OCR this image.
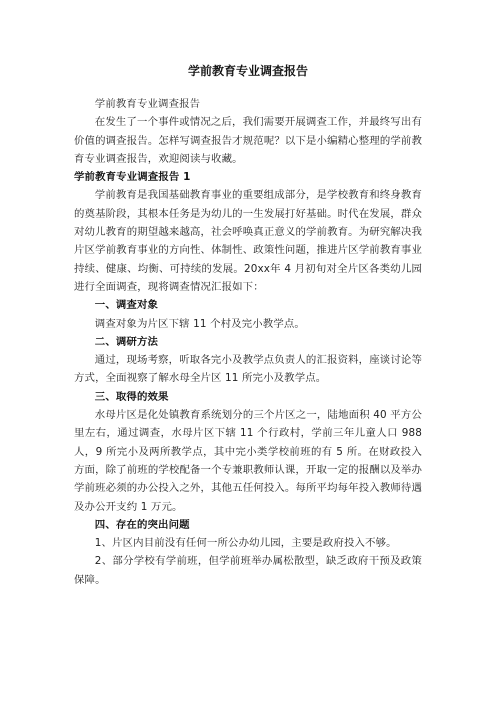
学前教育专业调查报告

学前教育专业调查报告

在发生了一个事件或情况之后，我们需要开展调查工作，并最终写出有价值的调查报告。怎样写调查报告才规范呢？以下是小编精心整理的学前教育专业调查报告，欢迎阅读与收藏。

学前教育专业调查报告 1

学前教育是我国基础教育事业的重要组成部分，是学校教育和终身教育的奠基阶段，其根本任务是为幼儿的一生发展打好基础。时代在发展，群众对幼儿教育的期望越来越高，社会呼唤真正意义的学前教育。为研究解决我片区学前教育事业的方向性、体制性、政策性问题，推进片区学前教育事业持续、健康、均衡、可持续的发展。20xx年 4 月初旬对全片区各类幼儿园进行全面调查，现将调查情况汇报如下：

一、调查对象

调查对象为片区下辖 11 个村及完小教学点。

二、调研方法

通过，现场考察，听取各完小及教学点负责人的汇报资料，座谈讨论等方式，全面视察了解水母全片区 11 所完小及教学点。

三、取得的效果

水母片区是化处镇教育系统划分的三个片区之一，陆地面积 40 平方公里左右，通过调查，水母片区下辖 11 个行政村，学前三年儿童人口 988 人，9 所完小及两所教学点，其中完小类学校前班的有 5 所。在财政投入方面，除了前班的学校配备一个专兼职教师认课，开取一定的报酬以及举办学前班必须的办公投入之外，其他五任何投入。每所平均每年投入教师待遇及办公开支约 1 万元。

四、存在的突出问题

1、片区内目前没有任何一所公办幼儿园，主要是政府投入不够。

2、部分学校有学前班，但学前班举办属松散型，缺乏政府干预及政策保障。
